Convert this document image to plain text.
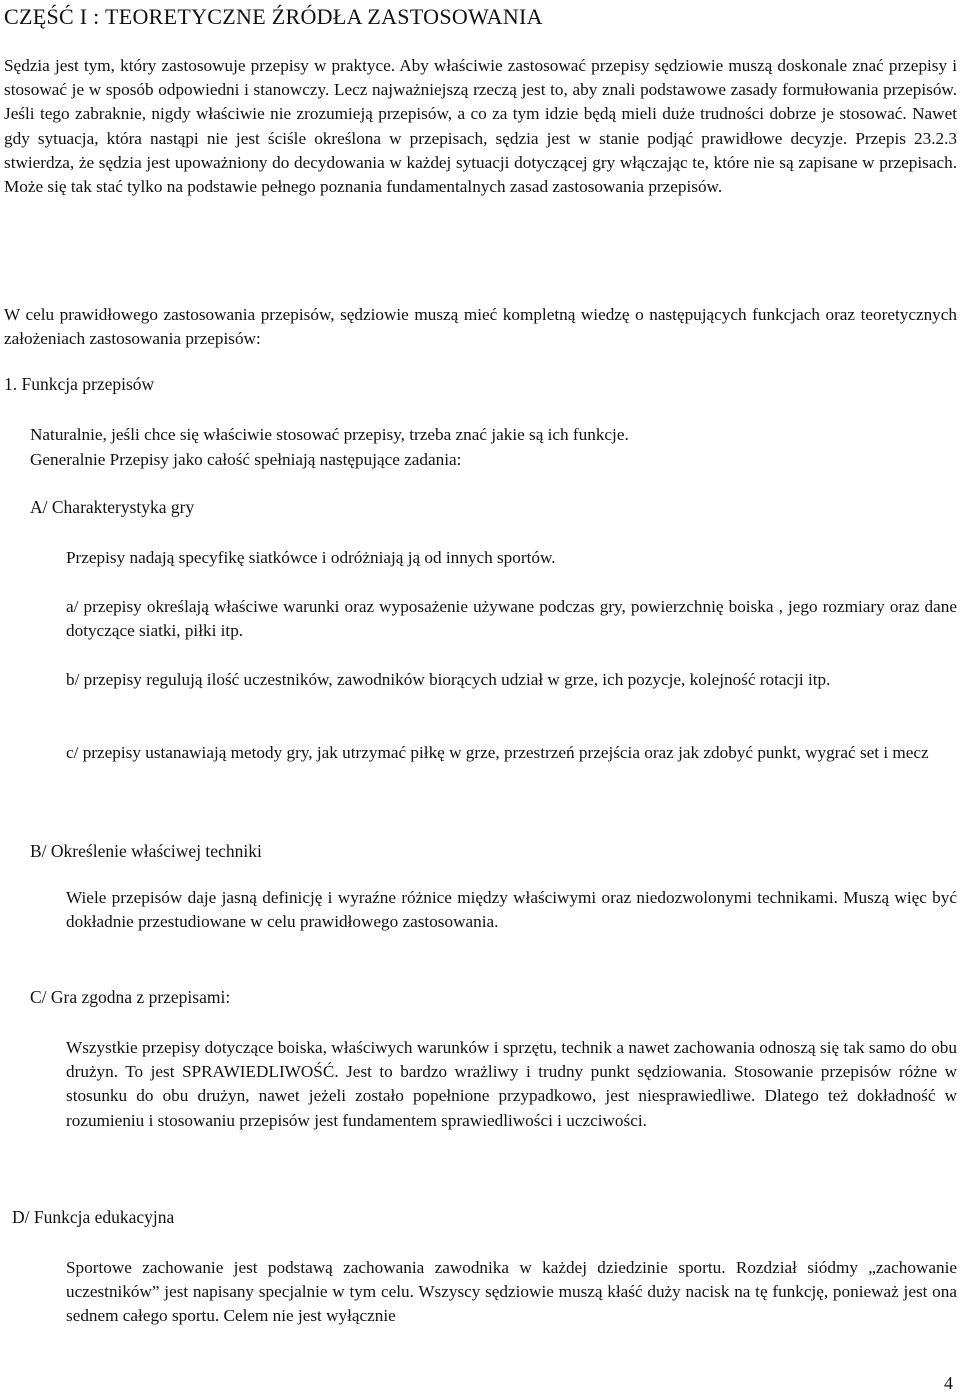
CZĘŚĆ I : TEORETYCZNE ŹRÓDŁA ZASTOSOWANIA

Sędzia jest tym, który zastosowuje przepisy w praktyce. Aby właściwie zastosować przepisy sędziowie muszą doskonale znać przepisy i stosować je w sposób odpowiedni i stanowczy. Lecz najważniejszą rzeczą jest to, aby znali podstawowe zasady formułowania przepisów. Jeśli tego zabraknie, nigdy właściwie nie zrozumieją przepisów, a co za tym idzie będą mieli duże trudności dobrze je stosować. Nawet gdy sytuacja, która nastąpi nie jest ściśle określona w przepisach, sędzia jest w stanie podjąć prawidłowe decyzje. Przepis 23.2.3 stwierdza, że sędzia jest upoważniony do decydowania w każdej sytuacji dotyczącej gry włączając te, które nie są zapisane w przepisach. Może się tak stać tylko na podstawie pełnego poznania fundamentalnych zasad zastosowania przepisów.

W celu prawidłowego zastosowania przepisów, sędziowie muszą mieć kompletną wiedzę o następujących funkcjach oraz teoretycznych założeniach zastosowania przepisów:

1. Funkcja przepisów

Naturalnie, jeśli chce się właściwie stosować przepisy, trzeba znać jakie są ich funkcje.

Generalnie Przepisy jako całość spełniają następujące zadania:

A/ Charakterystyka gry

Przepisy nadają specyfikę siatkówce i odróżniają ją od innych sportów.

a/ przepisy określają właściwe warunki oraz wyposażenie używane podczas gry, powierzchnię boiska , jego rozmiary oraz dane dotyczące siatki, piłki itp.

b/ przepisy regulują ilość uczestników, zawodników biorących udział w grze, ich pozycje, kolejność rotacji itp.

c/ przepisy ustanawiają metody gry, jak utrzymać piłkę w grze, przestrzeń przejścia oraz jak zdobyć punkt, wygrać set i mecz

B/ Określenie właściwej techniki

Wiele przepisów daje jasną definicję i wyraźne różnice między właściwymi oraz niedozwolonymi technikami. Muszą więc być dokładnie przestudiowane w celu prawidłowego zastosowania.

C/ Gra zgodna z przepisami:

Wszystkie przepisy dotyczące boiska, właściwych warunków i sprzętu, technik a nawet zachowania odnoszą się tak samo do obu drużyn. To jest SPRAWIEDLIWOŚĆ. Jest to bardzo wrażliwy i trudny punkt sędziowania. Stosowanie przepisów różne w stosunku do obu drużyn, nawet jeżeli zostało popełnione przypadkowo, jest niesprawiedliwe. Dlatego też dokładność w rozumieniu i stosowaniu przepisów jest fundamentem sprawiedliwości i uczciwości.

D/ Funkcja edukacyjna

Sportowe zachowanie jest podstawą zachowania zawodnika w każdej dziedzinie sportu. Rozdział siódmy „zachowanie uczestników” jest napisany specjalnie w tym celu. Wszyscy sędziowie muszą kłaść duży nacisk na tę funkcję, ponieważ jest ona sednem całego sportu. Celem nie jest wyłącznie

4
